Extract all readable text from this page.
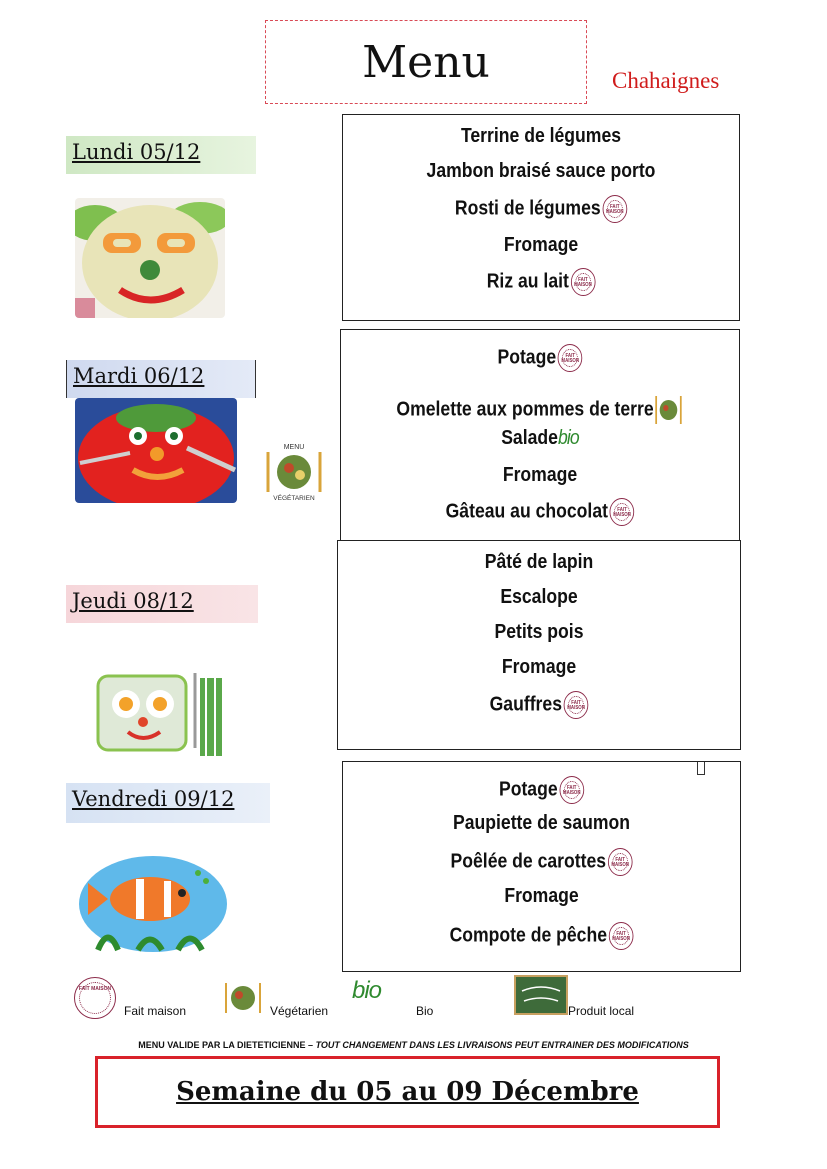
Menu	Chahaignes
Lundi 05/12
Terrine de légumes
Jambon braisé sauce porto
Rosti de légumesFAIT MAISON
Fromage
Riz au laitFAIT MAISON
Mardi 06/12
MENU
VÉGÉTARIEN
PotageFAIT MAISON
Omelette aux pommes de terre
Saladebio
Fromage
Gâteau au chocolatFAIT MAISON
Jeudi 08/12
Pâté de lapin
Escalope
Petits pois
Fromage
GauffresFAIT MAISON
Vendredi 09/12	PotageFAIT MAISON
Paupiette de saumon
Poêlée de carottesFAIT MAISON
Fromage
Compote de pêcheFAIT MAISON
FAIT MAISON
Fait maison	Végétarien
bio
Bio	Produit local
MENU VALIDE PAR LA DIETETICIENNE – TOUT CHANGEMENT DANS LES LIVRAISONS PEUT ENTRAINER DES MODIFICATIONS
Semaine du 05 au 09 Décembre
